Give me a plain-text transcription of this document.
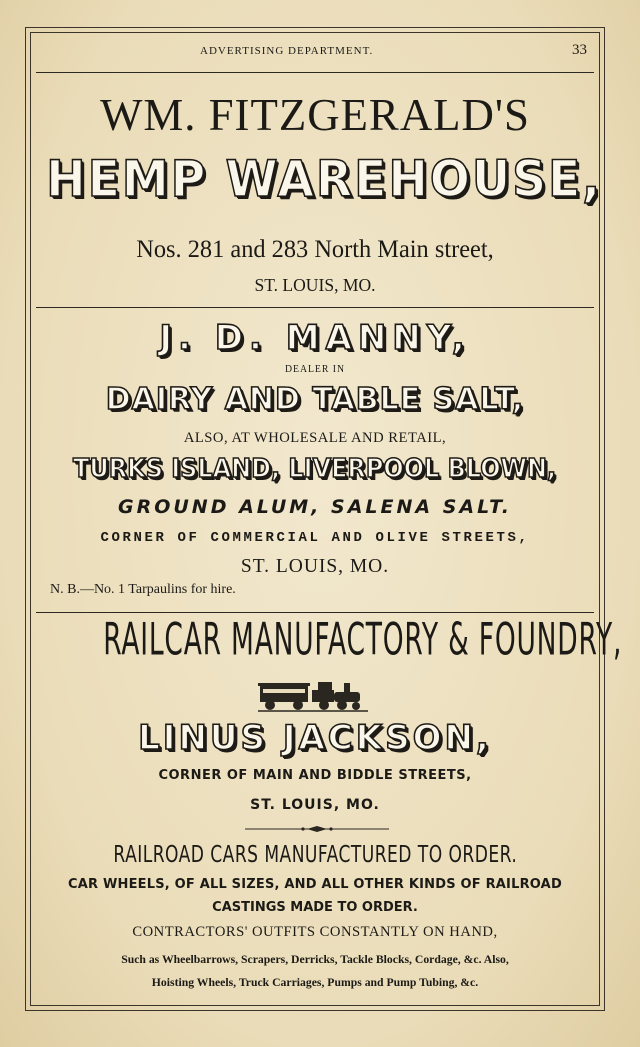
ADVERTISING DEPARTMENT.	33
WM. FITZGERALD'S
HEMP WAREHOUSE,
Nos. 281 and 283 North Main street,
ST. LOUIS, MO.
J. D. MANNY,
DEALER IN
DAIRY AND TABLE SALT,
ALSO, AT WHOLESALE AND RETAIL,
TURKS ISLAND, LIVERPOOL BLOWN,
GROUND ALUM, SALENA SALT.
CORNER OF COMMERCIAL AND OLIVE STREETS,
ST. LOUIS, MO.
N. B.—No. 1 Tarpaulins for hire.
RAILCAR MANUFACTORY & FOUNDRY,
LINUS JACKSON,
CORNER OF MAIN AND BIDDLE STREETS,
ST. LOUIS, MO.
RAILROAD CARS MANUFACTURED TO ORDER.
CAR WHEELS, OF ALL SIZES, AND ALL OTHER KINDS OF RAILROAD
CASTINGS MADE TO ORDER.
CONTRACTORS' OUTFITS CONSTANTLY ON HAND,
Such as Wheelbarrows, Scrapers, Derricks, Tackle Blocks, Cordage, &c. Also,
Hoisting Wheels, Truck Carriages, Pumps and Pump Tubing, &c.
